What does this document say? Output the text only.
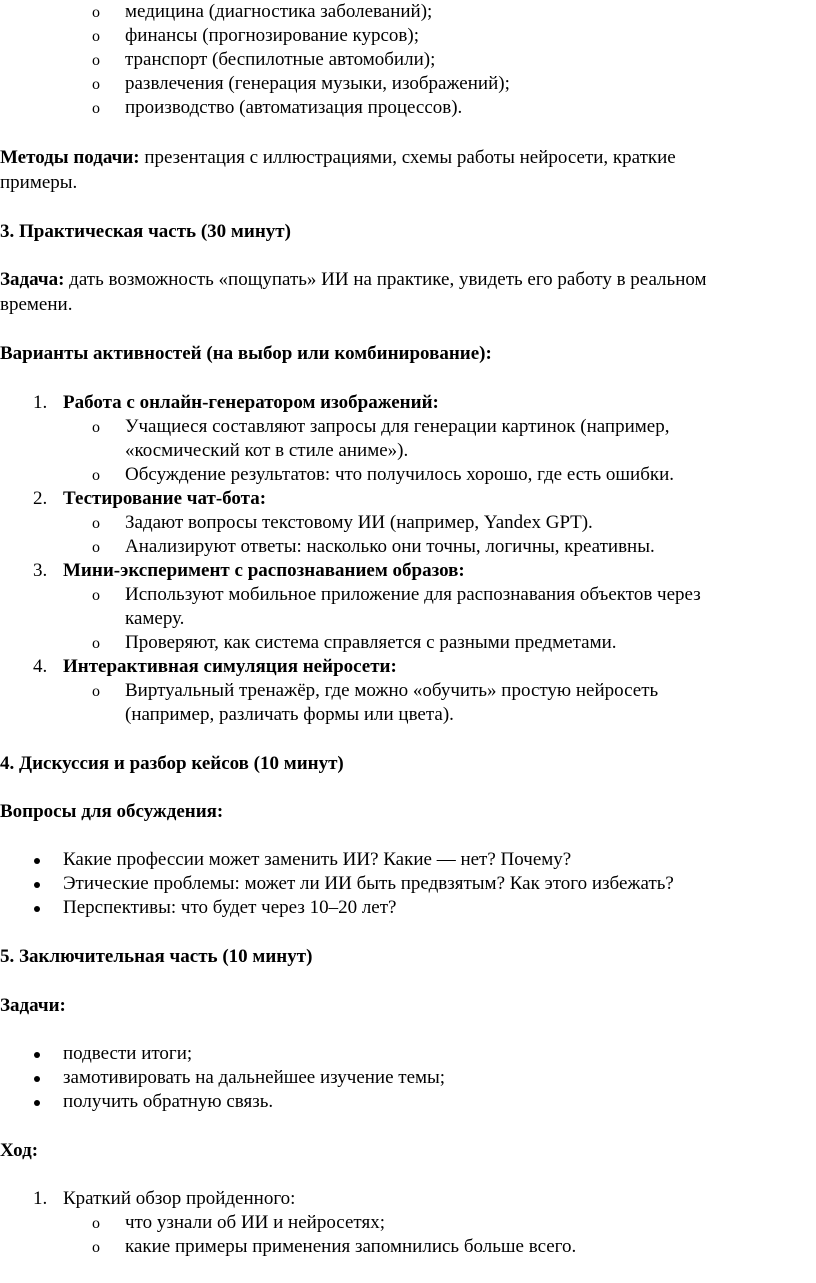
o медицина (диагностика заболеваний);
o финансы (прогнозирование курсов);
o транспорт (беспилотные автомобили);
o развлечения (генерация музыки, изображений);
o производство (автоматизация процессов).
Методы подачи: презентация с иллюстрациями, схемы работы нейросети, краткие
примеры.
3. Практическая часть (30 минут)
Задача: дать возможность «пощупать» ИИ на практике, увидеть его работу в реальном
времени.
Варианты активностей (на выбор или комбинирование):
1. Работа с онлайн-генератором изображений:
o Учащиеся составляют запросы для генерации картинок (например,
«космический кот в стиле аниме»).
o Обсуждение результатов: что получилось хорошо, где есть ошибки.
2. Тестирование чат-бота:
o Задают вопросы текстовому ИИ (например, Yandex GPT).
o Анализируют ответы: насколько они точны, логичны, креативны.
3. Мини-эксперимент с распознаванием образов:
o Используют мобильное приложение для распознавания объектов через
камеру.
o Проверяют, как система справляется с разными предметами.
4. Интерактивная симуляция нейросети:
o Виртуальный тренажёр, где можно «обучить» простую нейросеть
(например, различать формы или цвета).
4. Дискуссия и разбор кейсов (10 минут)
Вопросы для обсуждения:
Какие профессии может заменить ИИ? Какие — нет? Почему?
Этические проблемы: может ли ИИ быть предвзятым? Как этого избежать?
Перспективы: что будет через 10–20 лет?
5. Заключительная часть (10 минут)
Задачи:
подвести итоги;
замотивировать на дальнейшее изучение темы;
получить обратную связь.
Ход:
1. Краткий обзор пройденного:
o что узнали об ИИ и нейросетях;
o какие примеры применения запомнились больше всего.
